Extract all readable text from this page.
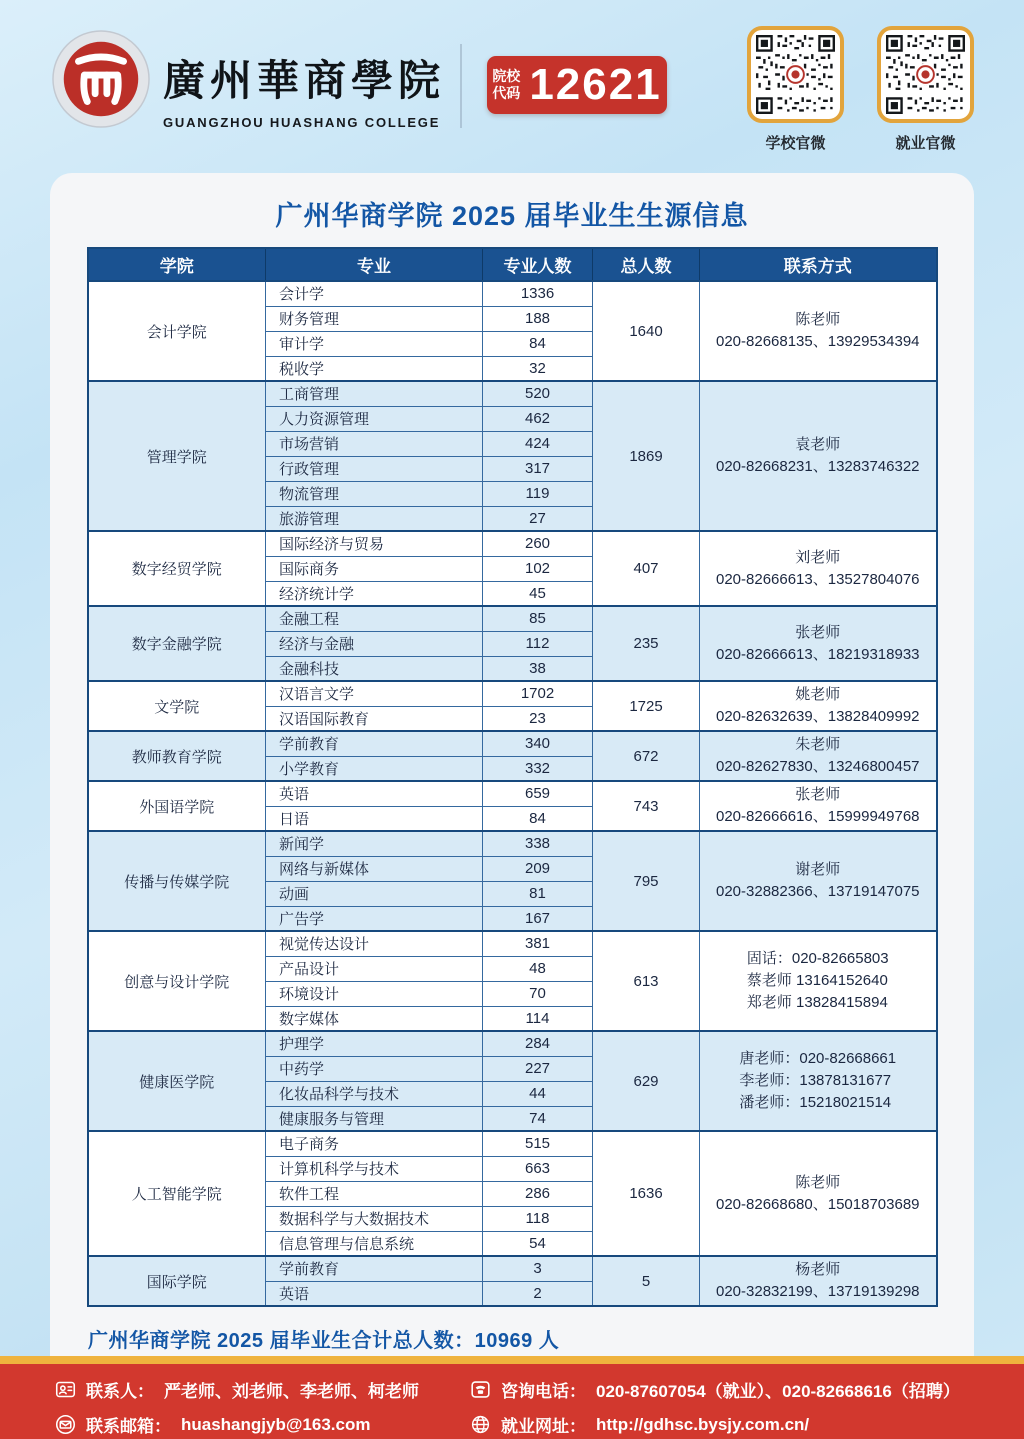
廣州華商學院
GUANGZHOU HUASHANG COLLEGE
院校
代码 12621
学校官微	就业官微
广州华商学院 2025 届毕业生生源信息
学院	专业	专业人数	总人数	联系方式
会计学院	会计学	1336	1640	陈老师
020-82668135、13929534394

	财务管理	188		
	审计学	84		
	税收学	32		
管理学院	工商管理	520	1869	袁老师
020-82668231、13283746322

	人力资源管理	462		
	市场营销	424		
	行政管理	317		
	物流管理	119		
	旅游管理	27		
数字经贸学院	国际经济与贸易	260	407	刘老师
020-82666613、13527804076

	国际商务	102		
	经济统计学	45		
数字金融学院	金融工程	85	235	张老师
020-82666613、18219318933

	经济与金融	112		
	金融科技	38		
文学院	汉语言文学	1702	1725	姚老师
020-82632639、13828409992

	汉语国际教育	23		
教师教育学院	学前教育	340	672	朱老师
020-82627830、13246800457

	小学教育	332		
外国语学院	英语	659	743	张老师
020-82666616、15999949768

	日语	84		
传播与传媒学院	新闻学	338	795	谢老师
020-32882366、13719147075

	网络与新媒体	209		
	动画	81		
	广告学	167		
创意与设计学院	视觉传达设计	381	613	固话：020-82665803
蔡老师 13164152640
郑老师 13828415894

	产品设计	48		
	环境设计	70		
	数字媒体	114		
健康医学院	护理学	284	629	唐老师：020-82668661
李老师：13878131677
潘老师：15218021514

	中药学	227		
	化妆品科学与技术	44		
	健康服务与管理	74		
人工智能学院	电子商务	515	1636	陈老师
020-82668680、15018703689

	计算机科学与技术	663		
	软件工程	286		
	数据科学与大数据技术	118		
	信息管理与信息系统	54		
国际学院	学前教育	3	5	杨老师
020-32832199、13719139298

	英语	2		
广州华商学院 2025 届毕业生合计总人数：10969 人
联系人： 严老师、刘老师、李老师、柯老师
联系邮箱： huashangjyb@163.com
咨询电话： 020-87607054（就业）、020-82668616（招聘）
就业网址： http://gdhsc.bysjy.com.cn/
